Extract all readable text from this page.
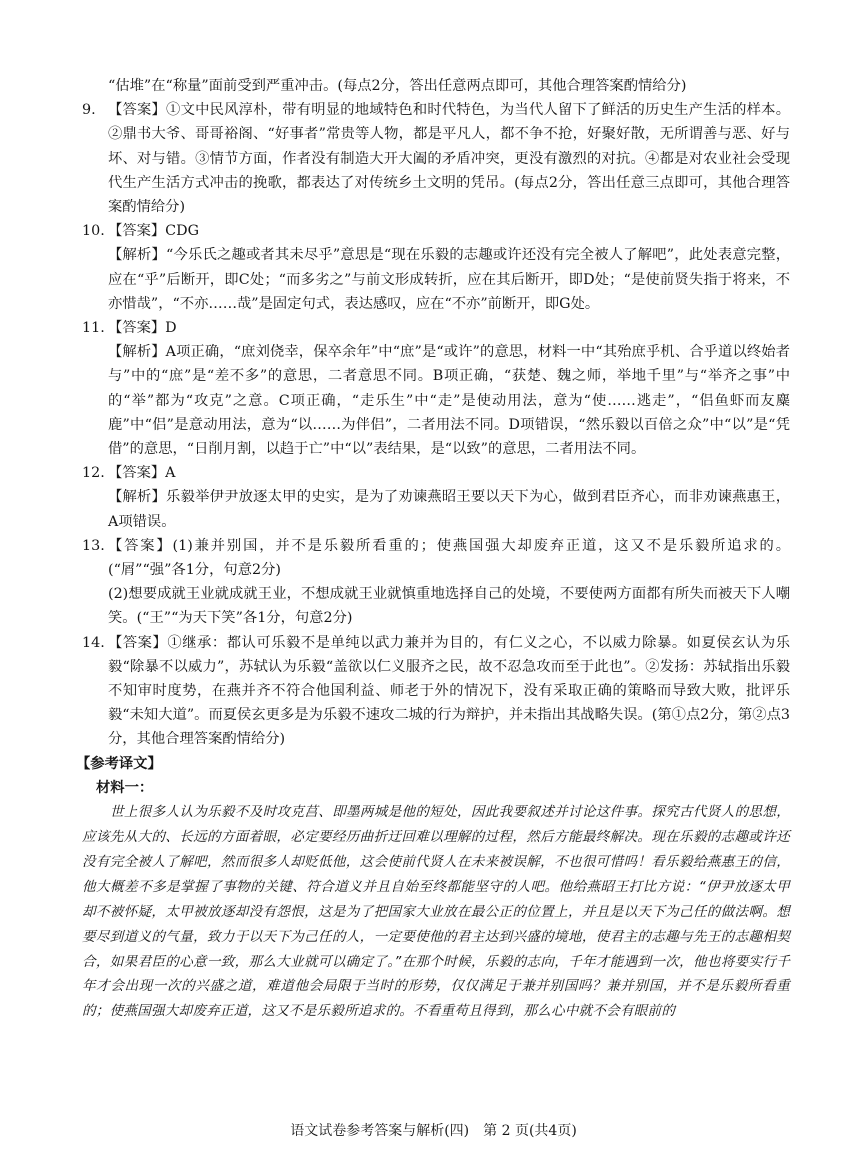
“估堆”在“称量”面前受到严重冲击。(每点2分，答出任意两点即可，其他合理答案酌情给分)

9. 【答案】①文中民风淳朴，带有明显的地域特色和时代特色，为当代人留下了鲜活的历史生产生活的样本。②鼎书大爷、哥哥裕阁、“好事者”常贵等人物，都是平凡人，都不争不抢，好聚好散，无所谓善与恶、好与坏、对与错。③情节方面，作者没有制造大开大阖的矛盾冲突，更没有激烈的对抗。④都是对农业社会受现代生产生活方式冲击的挽歌，都表达了对传统乡土文明的凭吊。(每点2分，答出任意三点即可，其他合理答案酌情给分)

10. 【答案】CDG

【解析】“今乐氏之趣或者其未尽乎”意思是“现在乐毅的志趣或许还没有完全被人了解吧”，此处表意完整，应在“乎”后断开，即C处；“而多劣之”与前文形成转折，应在其后断开，即D处；“是使前贤失指于将来，不亦惜哉”，“不亦……哉”是固定句式，表达感叹，应在“不亦”前断开，即G处。

11. 【答案】D

【解析】A项正确，“庶刘侥幸，保卒余年”中“庶”是“或许”的意思，材料一中“其殆庶乎机、合乎道以终始者与”中的“庶”是“差不多”的意思，二者意思不同。B项正确，“获楚、魏之师，举地千里”与“举齐之事”中的“举”都为“攻克”之意。C项正确，“走乐生”中“走”是使动用法，意为“使……逃走”，“侣鱼虾而友麋鹿”中“侣”是意动用法，意为“以……为伴侣”，二者用法不同。D项错误，“然乐毅以百倍之众”中“以”是“凭借”的意思，“日削月割，以趋于亡”中“以”表结果，是“以致”的意思，二者用法不同。

12. 【答案】A

【解析】乐毅举伊尹放逐太甲的史实，是为了劝谏燕昭王要以天下为心，做到君臣齐心，而非劝谏燕惠王，A项错误。

13. 【答案】(1)兼并别国，并不是乐毅所看重的；使燕国强大却废弃正道，这又不是乐毅所追求的。(“屑”“强”各1分，句意2分)

(2)想要成就王业就成就王业，不想成就王业就慎重地选择自己的处境，不要使两方面都有所失而被天下人嘲笑。(“王”“为天下笑”各1分，句意2分)

14. 【答案】①继承：都认可乐毅不是单纯以武力兼并为目的，有仁义之心，不以威力除暴。如夏侯玄认为乐毅“除暴不以威力”，苏轼认为乐毅“盖欲以仁义服齐之民，故不忍急攻而至于此也”。②发扬：苏轼指出乐毅不知审时度势，在燕并齐不符合他国利益、师老于外的情况下，没有采取正确的策略而导致大败，批评乐毅“未知大道”。而夏侯玄更多是为乐毅不速攻二城的行为辩护，并未指出其战略失误。(第①点2分，第②点3分，其他合理答案酌情给分)

【参考译文】

材料一：

世上很多人认为乐毅不及时攻克莒、即墨两城是他的短处，因此我要叙述并讨论这件事。探究古代贤人的思想，应该先从大的、长远的方面着眼，必定要经历曲折迂回难以理解的过程，然后方能最终解决。现在乐毅的志趣或许还没有完全被人了解吧，然而很多人却贬低他，这会使前代贤人在未来被误解，不也很可惜吗！看乐毅给燕惠王的信，他大概差不多是掌握了事物的关键、符合道义并且自始至终都能坚守的人吧。他给燕昭王打比方说：“伊尹放逐太甲却不被怀疑，太甲被放逐却没有怨恨，这是为了把国家大业放在最公正的位置上，并且是以天下为己任的做法啊。想要尽到道义的气量，致力于以天下为己任的人，一定要使他的君主达到兴盛的境地，使君主的志趣与先王的志趣相契合，如果君臣的心意一致，那么大业就可以确定了。”在那个时候，乐毅的志向，千年才能遇到一次，他也将要实行千年才会出现一次的兴盛之道，难道他会局限于当时的形势，仅仅满足于兼并别国吗？兼并别国，并不是乐毅所看重的；使燕国强大却废弃正道，这又不是乐毅所追求的。不看重苟且得到，那么心中就不会有眼前的

语文试卷参考答案与解析(四)　第 2 页(共4页)
